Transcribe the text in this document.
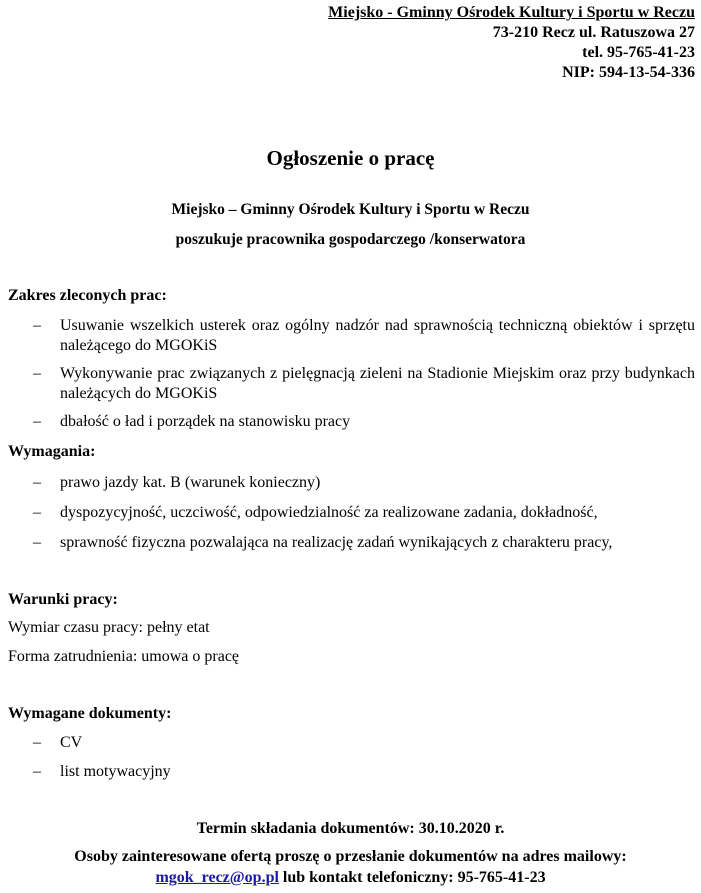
Miejsko - Gminny Ośrodek Kultury i Sportu w Reczu
73-210 Recz ul. Ratuszowa 27
tel. 95-765-41-23
NIP: 594-13-54-336
Ogłoszenie o pracę
Miejsko – Gminny Ośrodek Kultury i Sportu w Reczu
poszukuje pracownika gospodarczego /konserwatora
Zakres zleconych prac:
– Usuwanie wszelkich usterek oraz ogólny nadzór nad sprawnością techniczną obiektów i sprzętu należącego do MGOKiS
– Wykonywanie prac związanych z pielęgnacją zieleni na Stadionie Miejskim oraz przy budynkach należących do MGOKiS
– dbałość o ład i porządek na stanowisku pracy
Wymagania:
– prawo jazdy kat. B (warunek konieczny)
– dyspozycyjność, uczciwość, odpowiedzialność za realizowane zadania, dokładność,
– sprawność fizyczna pozwalająca na realizację zadań wynikających z charakteru pracy,
Warunki pracy:
Wymiar czasu pracy: pełny etat
Forma zatrudnienia: umowa o pracę
Wymagane dokumenty:
– CV
– list motywacyjny
Termin składania dokumentów: 30.10.2020 r.
Osoby zainteresowane ofertą proszę o przesłanie dokumentów na adres mailowy:
mgok_recz@op.pl lub kontakt telefoniczny: 95-765-41-23
